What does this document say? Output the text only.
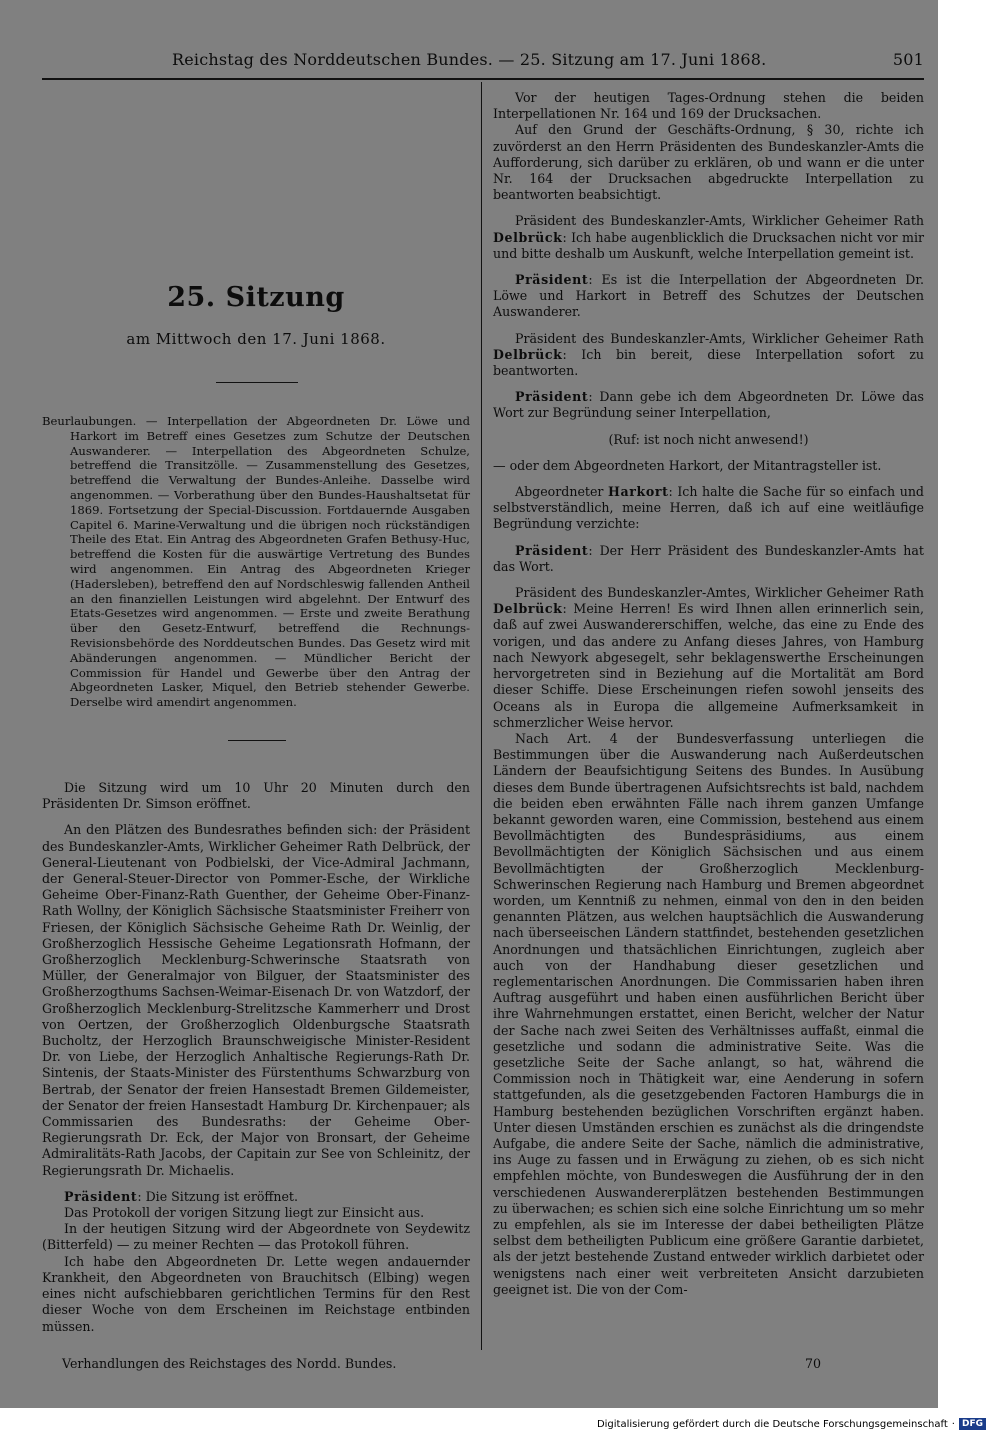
Reichstag des Norddeutschen Bundes. — 25. Sitzung am 17. Juni 1868.	501
25. Sitzung
am Mittwoch den 17. Juni 1868.

Beurlaubungen. — Interpellation der Abgeordneten Dr. Löwe und Harkort im Betreff eines Gesetzes zum Schutze der Deutschen Auswanderer. — Interpellation des Abgeordneten Schulze, betreffend die Transitzölle. — Zusammenstellung des Gesetzes, betreffend die Verwaltung der Bundes-Anleihe. Dasselbe wird angenommen. — Vorberathung über den Bundes-Haushaltsetat für 1869. Fortsetzung der Special-Discussion. Fortdauernde Ausgaben Capitel 6. Marine-Verwaltung und die übrigen noch rückständigen Theile des Etat. Ein Antrag des Abgeordneten Grafen Bethusy-Huc, betreffend die Kosten für die auswärtige Vertretung des Bundes wird angenommen. Ein Antrag des Abgeordneten Krieger (Hadersleben), betreffend den auf Nordschleswig fallenden Antheil an den finanziellen Leistungen wird abgelehnt. Der Entwurf des Etats-Gesetzes wird angenommen. — Erste und zweite Berathung über den Gesetz-Entwurf, betreffend die Rechnungs-Revisionsbehörde des Norddeutschen Bundes. Das Gesetz wird mit Abänderungen angenommen. — Mündlicher Bericht der Commission für Handel und Gewerbe über den Antrag der Abgeordneten Lasker, Miquel, den Betrieb stehender Gewerbe. Derselbe wird amendirt angenommen.

Die Sitzung wird um 10 Uhr 20 Minuten durch den Präsidenten Dr. Simson eröffnet.

An den Plätzen des Bundesrathes befinden sich: der Präsident des Bundeskanzler-Amts, Wirklicher Geheimer Rath Delbrück, der General-Lieutenant von Podbielski, der Vice-Admiral Jachmann, der General-Steuer-Director von Pommer-Esche, der Wirkliche Geheime Ober-Finanz-Rath Guenther, der Geheime Ober-Finanz-Rath Wollny, der Königlich Sächsische Staatsminister Freiherr von Friesen, der Königlich Sächsische Geheime Rath Dr. Weinlig, der Großherzoglich Hessische Geheime Legationsrath Hofmann, der Großherzoglich Mecklenburg-Schwerinsche Staatsrath von Müller, der Generalmajor von Bilguer, der Staatsminister des Großherzogthums Sachsen-Weimar-Eisenach Dr. von Watzdorf, der Großherzoglich Mecklenburg-Strelitzsche Kammerherr und Drost von Oertzen, der Großherzoglich Oldenburgsche Staatsrath Bucholtz, der Herzoglich Braunschweigische Minister-Resident Dr. von Liebe, der Herzoglich Anhaltische Regierungs-Rath Dr. Sintenis, der Staats-Minister des Fürstenthums Schwarzburg von Bertrab, der Senator der freien Hansestadt Bremen Gildemeister, der Senator der freien Hansestadt Hamburg Dr. Kirchenpauer; als Commissarien des Bundesraths: der Geheime Ober-Regierungsrath Dr. Eck, der Major von Bronsart, der Geheime Admiralitäts-Rath Jacobs, der Capitain zur See von Schleinitz, der Regierungsrath Dr. Michaelis.

Präsident: Die Sitzung ist eröffnet.

Das Protokoll der vorigen Sitzung liegt zur Einsicht aus.

In der heutigen Sitzung wird der Abgeordnete von Seydewitz (Bitterfeld) — zu meiner Rechten — das Protokoll führen.

Ich habe den Abgeordneten Dr. Lette wegen andauernder Krankheit, den Abgeordneten von Brauchitsch (Elbing) wegen eines nicht aufschiebbaren gerichtlichen Termins für den Rest dieser Woche von dem Erscheinen im Reichstage entbinden müssen.

Vor der heutigen Tages-Ordnung stehen die beiden Interpellationen Nr. 164 und 169 der Drucksachen.

Auf den Grund der Geschäfts-Ordnung, § 30, richte ich zuvörderst an den Herrn Präsidenten des Bundeskanzler-Amts die Aufforderung, sich darüber zu erklären, ob und wann er die unter Nr. 164 der Drucksachen abgedruckte Interpellation zu beantworten beabsichtigt.

Präsident des Bundeskanzler-Amts, Wirklicher Geheimer Rath Delbrück: Ich habe augenblicklich die Drucksachen nicht vor mir und bitte deshalb um Auskunft, welche Interpellation gemeint ist.

Präsident: Es ist die Interpellation der Abgeordneten Dr. Löwe und Harkort in Betreff des Schutzes der Deutschen Auswanderer.

Präsident des Bundeskanzler-Amts, Wirklicher Geheimer Rath Delbrück: Ich bin bereit, diese Interpellation sofort zu beantworten.

Präsident: Dann gebe ich dem Abgeordneten Dr. Löwe das Wort zur Begründung seiner Interpellation,

(Ruf: ist noch nicht anwesend!)

— oder dem Abgeordneten Harkort, der Mitantragsteller ist.

Abgeordneter Harkort: Ich halte die Sache für so einfach und selbstverständlich, meine Herren, daß ich auf eine weitläufige Begründung verzichte:

Präsident: Der Herr Präsident des Bundeskanzler-Amts hat das Wort.

Präsident des Bundeskanzler-Amtes, Wirklicher Geheimer Rath Delbrück: Meine Herren! Es wird Ihnen allen erinnerlich sein, daß auf zwei Auswandererschiffen, welche, das eine zu Ende des vorigen, und das andere zu Anfang dieses Jahres, von Hamburg nach Newyork abgesegelt, sehr beklagenswerthe Erscheinungen hervorgetreten sind in Beziehung auf die Mortalität am Bord dieser Schiffe. Diese Erscheinungen riefen sowohl jenseits des Oceans als in Europa die allgemeine Aufmerksamkeit in schmerzlicher Weise hervor.

Nach Art. 4 der Bundesverfassung unterliegen die Bestimmungen über die Auswanderung nach Außerdeutschen Ländern der Beaufsichtigung Seitens des Bundes. In Ausübung dieses dem Bunde übertragenen Aufsichtsrechts ist bald, nachdem die beiden eben erwähnten Fälle nach ihrem ganzen Umfange bekannt geworden waren, eine Commission, bestehend aus einem Bevollmächtigten des Bundespräsidiums, aus einem Bevollmächtigten der Königlich Sächsischen und aus einem Bevollmächtigten der Großherzoglich Mecklenburg-Schwerinschen Regierung nach Hamburg und Bremen abgeordnet worden, um Kenntniß zu nehmen, einmal von den in den beiden genannten Plätzen, aus welchen hauptsächlich die Auswanderung nach überseeischen Ländern stattfindet, bestehenden gesetzlichen Anordnungen und thatsächlichen Einrichtungen, zugleich aber auch von der Handhabung dieser gesetzlichen und reglementarischen Anordnungen. Die Commissarien haben ihren Auftrag ausgeführt und haben einen ausführlichen Bericht über ihre Wahrnehmungen erstattet, einen Bericht, welcher der Natur der Sache nach zwei Seiten des Verhältnisses auffaßt, einmal die gesetzliche und sodann die administrative Seite. Was die gesetzliche Seite der Sache anlangt, so hat, während die Commission noch in Thätigkeit war, eine Aenderung in sofern stattgefunden, als die gesetzgebenden Factoren Hamburgs die in Hamburg bestehenden bezüglichen Vorschriften ergänzt haben. Unter diesen Umständen erschien es zunächst als die dringendste Aufgabe, die andere Seite der Sache, nämlich die administrative, ins Auge zu fassen und in Erwägung zu ziehen, ob es sich nicht empfehlen möchte, von Bundeswegen die Ausführung der in den verschiedenen Auswandererplätzen bestehenden Bestimmungen zu überwachen; es schien sich eine solche Einrichtung um so mehr zu empfehlen, als sie im Interesse der dabei betheiligten Plätze selbst dem betheiligten Publicum eine größere Garantie darbietet, als der jetzt bestehende Zustand entweder wirklich darbietet oder wenigstens nach einer weit verbreiteten Ansicht darzubieten geeignet ist. Die von der Com-

Verhandlungen des Reichstages des Nordd. Bundes.	70
Digitalisierung gefördert durch die Deutsche Forschungsgemeinschaft · DFG
